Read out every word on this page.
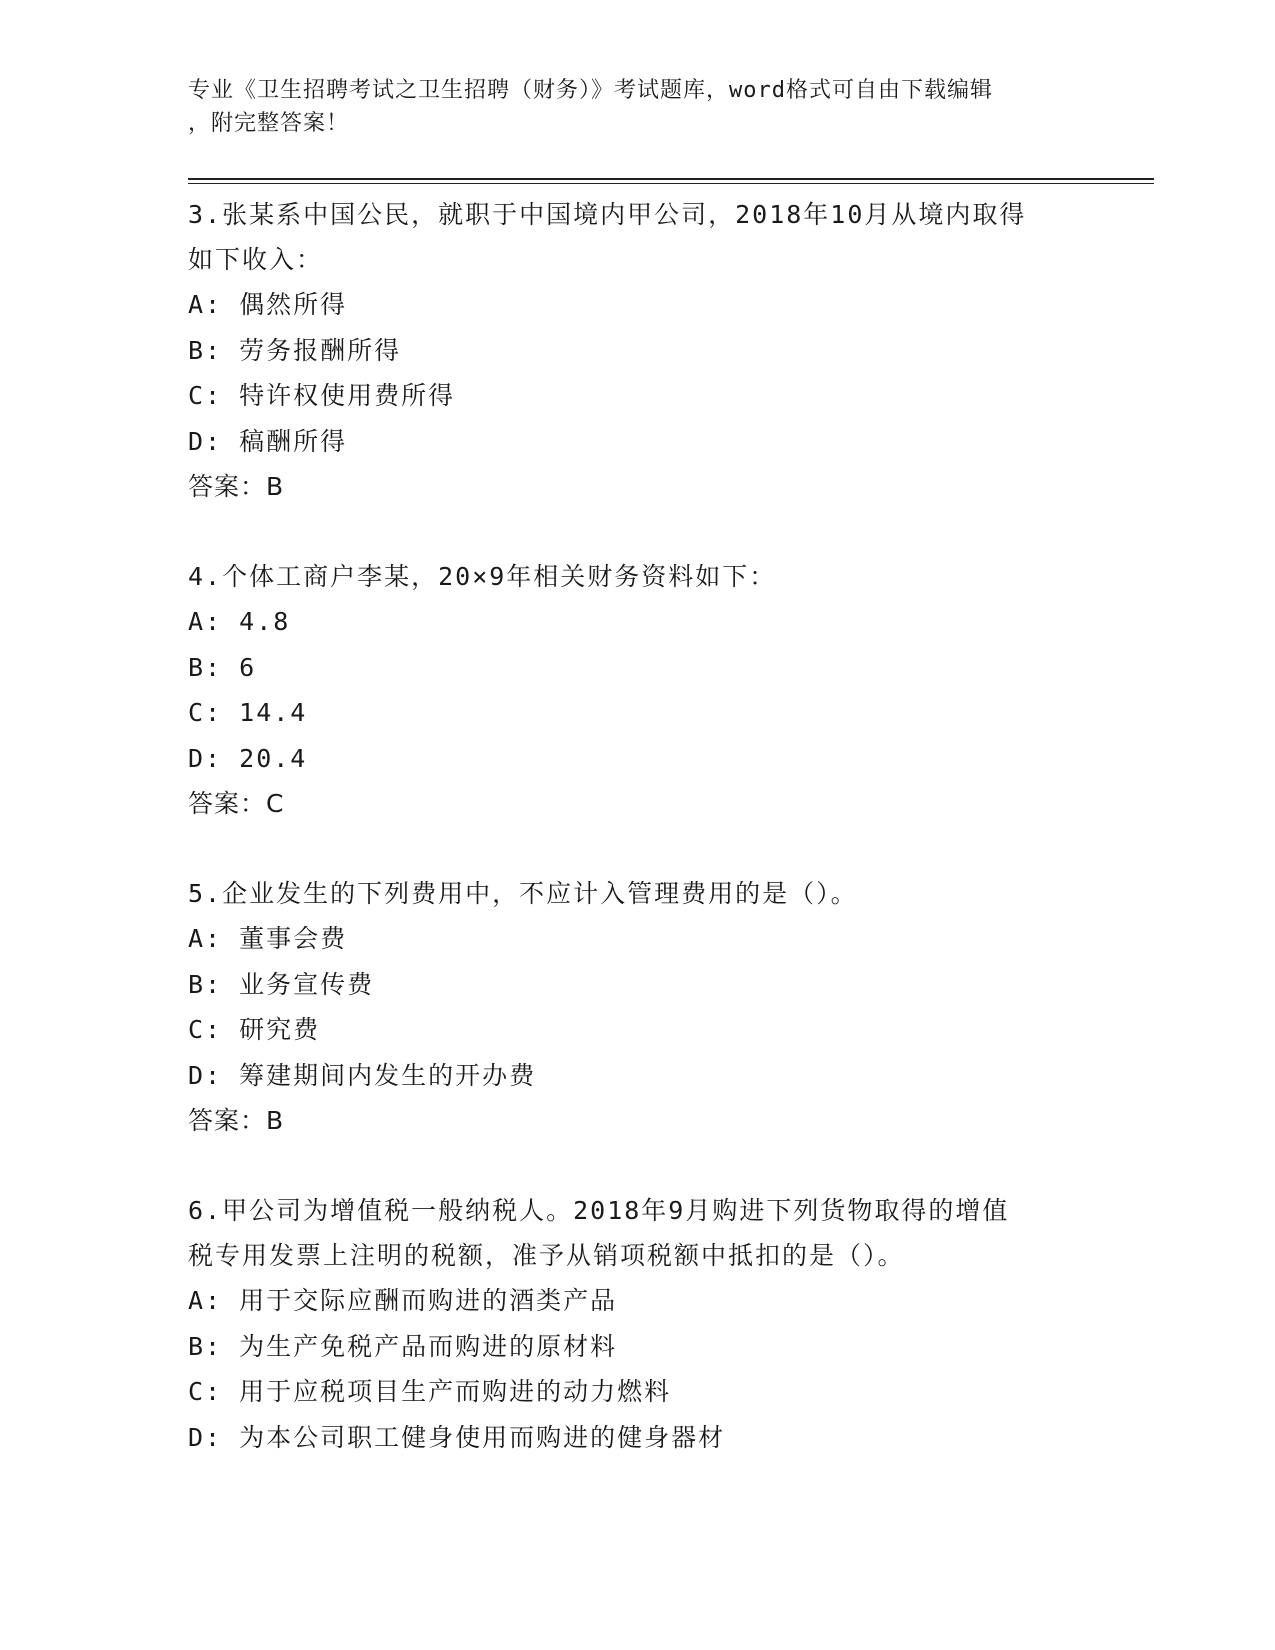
专业《卫生招聘考试之卫生招聘（财务）》考试题库，word格式可自由下载编辑

，附完整答案！

3.张某系中国公民，就职于中国境内甲公司，2018年10月从境内取得

如下收入：

A: 偶然所得

B: 劳务报酬所得

C: 特许权使用费所得

D: 稿酬所得

答案：B

4.个体工商户李某，20×9年相关财务资料如下：

A: 4.8

B: 6

C: 14.4

D: 20.4

答案：C

5.企业发生的下列费用中，不应计入管理费用的是（）。

A: 董事会费

B: 业务宣传费

C: 研究费

D: 筹建期间内发生的开办费

答案：B

6.甲公司为增值税一般纳税人。2018年9月购进下列货物取得的增值

税专用发票上注明的税额，准予从销项税额中抵扣的是（）。

A: 用于交际应酬而购进的酒类产品

B: 为生产免税产品而购进的原材料

C: 用于应税项目生产而购进的动力燃料

D: 为本公司职工健身使用而购进的健身器材
